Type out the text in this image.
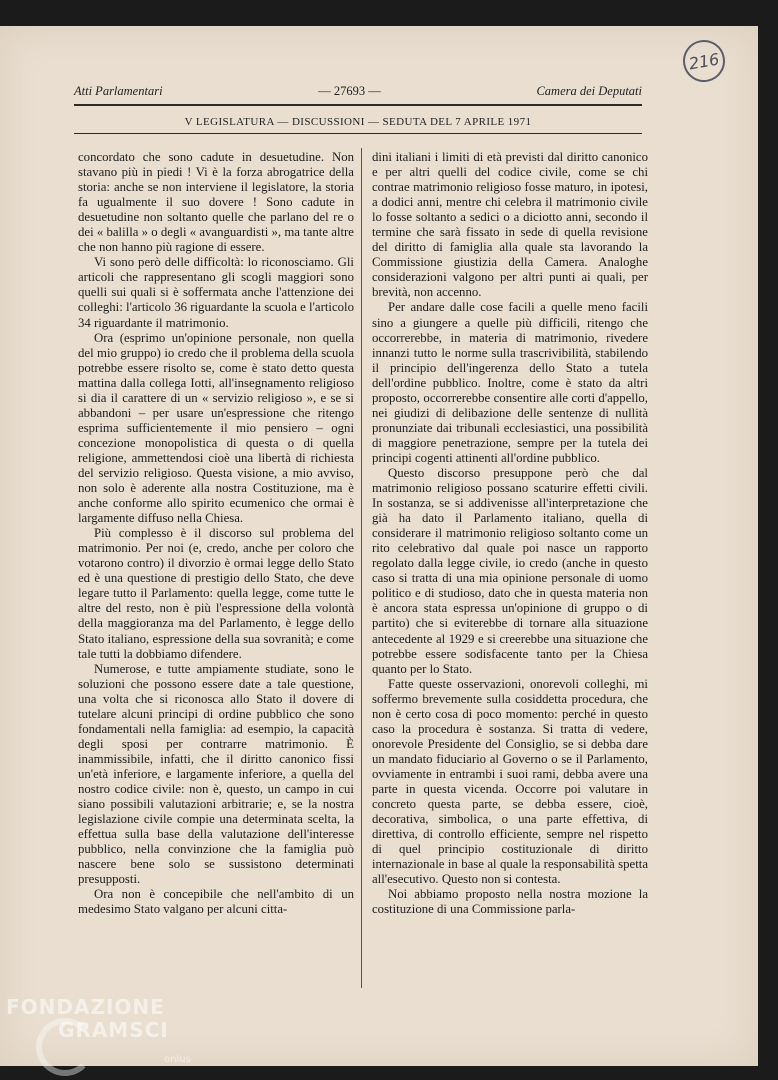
216
Atti Parlamentari	— 27693 —	Camera dei Deputati
V LEGISLATURA — DISCUSSIONI — SEDUTA DEL 7 APRILE 1971

concordato che sono cadute in desuetudine. Non stavano più in piedi ! Vi è la forza abrogatrice della storia: anche se non interviene il legislatore, la storia fa ugualmente il suo dovere ! Sono cadute in desuetudine non soltanto quelle che parlano del re o dei « balilla » o degli « avanguardisti », ma tante altre che non hanno più ragione di essere.

Vi sono però delle difficoltà: lo riconosciamo. Gli articoli che rappresentano gli scogli maggiori sono quelli sui quali si è soffermata anche l'attenzione dei colleghi: l'articolo 36 riguardante la scuola e l'articolo 34 riguardante il matrimonio.

Ora (esprimo un'opinione personale, non quella del mio gruppo) io credo che il problema della scuola potrebbe essere risolto se, come è stato detto questa mattina dalla collega Iotti, all'insegnamento religioso si dia il carattere di un « servizio religioso », e se si abbandoni – per usare un'espressione che ritengo esprima sufficientemente il mio pensiero – ogni concezione monopolistica di questa o di quella religione, ammettendosi cioè una libertà di richiesta del servizio religioso. Questa visione, a mio avviso, non solo è aderente alla nostra Costituzione, ma è anche conforme allo spirito ecumenico che ormai è largamente diffuso nella Chiesa.

Più complesso è il discorso sul problema del matrimonio. Per noi (e, credo, anche per coloro che votarono contro) il divorzio è ormai legge dello Stato ed è una questione di prestigio dello Stato, che deve legare tutto il Parlamento: quella legge, come tutte le altre del resto, non è più l'espressione della volontà della maggioranza ma del Parlamento, è legge dello Stato italiano, espressione della sua sovranità; e come tale tutti la dobbiamo difendere.

Numerose, e tutte ampiamente studiate, sono le soluzioni che possono essere date a tale questione, una volta che si riconosca allo Stato il dovere di tutelare alcuni principi di ordine pubblico che sono fondamentali nella famiglia: ad esempio, la capacità degli sposi per contrarre matrimonio. È inammissibile, infatti, che il diritto canonico fissi un'età inferiore, e largamente inferiore, a quella del nostro codice civile: non è, questo, un campo in cui siano possibili valutazioni arbitrarie; e, se la nostra legislazione civile compie una determinata scelta, la effettua sulla base della valutazione dell'interesse pubblico, nella convinzione che la famiglia può nascere bene solo se sussistono determinati presupposti.

Ora non è concepibile che nell'ambito di un medesimo Stato valgano per alcuni citta-

dini italiani i limiti di età previsti dal diritto canonico e per altri quelli del codice civile, come se chi contrae matrimonio religioso fosse maturo, in ipotesi, a dodici anni, mentre chi celebra il matrimonio civile lo fosse soltanto a sedici o a diciotto anni, secondo il termine che sarà fissato in sede di quella revisione del diritto di famiglia alla quale sta lavorando la Commissione giustizia della Camera. Analoghe considerazioni valgono per altri punti ai quali, per brevità, non accenno.

Per andare dalle cose facili a quelle meno facili sino a giungere a quelle più difficili, ritengo che occorrerebbe, in materia di matrimonio, rivedere innanzi tutto le norme sulla trascrivibilità, stabilendo il principio dell'ingerenza dello Stato a tutela dell'ordine pubblico. Inoltre, come è stato da altri proposto, occorrerebbe consentire alle corti d'appello, nei giudizi di delibazione delle sentenze di nullità pronunziate dai tribunali ecclesiastici, una possibilità di maggiore penetrazione, sempre per la tutela dei principi cogenti attinenti all'ordine pubblico.

Questo discorso presuppone però che dal matrimonio religioso possano scaturire effetti civili. In sostanza, se si addivenisse all'interpretazione che già ha dato il Parlamento italiano, quella di considerare il matrimonio religioso soltanto come un rito celebrativo dal quale poi nasce un rapporto regolato dalla legge civile, io credo (anche in questo caso si tratta di una mia opinione personale di uomo politico e di studioso, dato che in questa materia non è ancora stata espressa un'opinione di gruppo o di partito) che si eviterebbe di tornare alla situazione antecedente al 1929 e si creerebbe una situazione che potrebbe essere sodisfacente tanto per la Chiesa quanto per lo Stato.

Fatte queste osservazioni, onorevoli colleghi, mi soffermo brevemente sulla cosiddetta procedura, che non è certo cosa di poco momento: perché in questo caso la procedura è sostanza. Si tratta di vedere, onorevole Presidente del Consiglio, se si debba dare un mandato fiduciario al Governo o se il Parlamento, ovviamente in entrambi i suoi rami, debba avere una parte in questa vicenda. Occorre poi valutare in concreto questa parte, se debba essere, cioè, decorativa, simbolica, o una parte effettiva, di direttiva, di controllo efficiente, sempre nel rispetto di quel principio costituzionale di diritto internazionale in base al quale la responsabilità spetta all'esecutivo. Questo non si contesta.

Noi abbiamo proposto nella nostra mozione la costituzione di una Commissione parla-

FONDAZIONE
GRAMSCI
onlus
